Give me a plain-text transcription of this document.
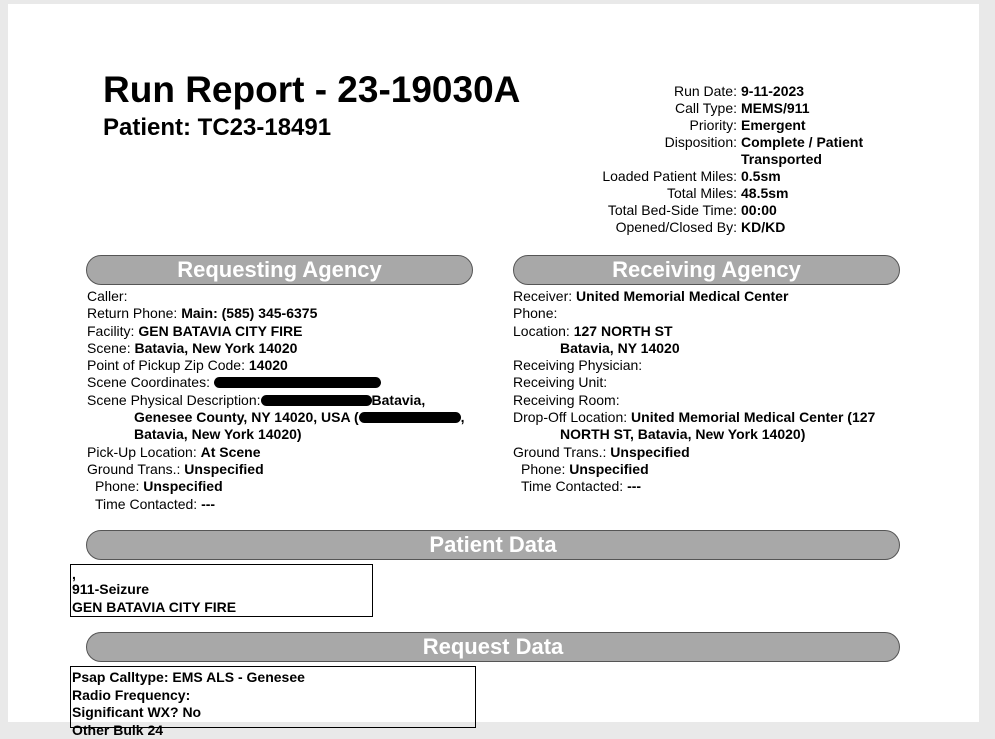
Run Report - 23-19030A
Patient: TC23-18491
Run Date: 9-11-2023
Call Type: MEMS/911
Priority: Emergent
Disposition: Complete / Patient Transported
Loaded Patient Miles: 0.5sm
Total Miles: 48.5sm
Total Bed-Side Time: 00:00
Opened/Closed By: KD/KD
Requesting Agency
Caller:
Return Phone: Main: (585) 345-6375
Facility: GEN BATAVIA CITY FIRE
Scene: Batavia, New York 14020
Point of Pickup Zip Code: 14020
Scene Coordinates:
Scene Physical Description:	Batavia,
Genesee County, NY 14020, USA (	,
Batavia, New York 14020)
Pick-Up Location: At Scene
Ground Trans.: Unspecified
Phone: Unspecified
Time Contacted: ---
Receiving Agency
Receiver: United Memorial Medical Center
Phone:
Location: 127 NORTH ST
Batavia, NY 14020
Receiving Physician:
Receiving Unit:
Receiving Room:
Drop-Off Location: United Memorial Medical Center (127
NORTH ST, Batavia, New York 14020)
Ground Trans.: Unspecified
Phone: Unspecified
Time Contacted: ---
Patient Data
,
911-Seizure
GEN BATAVIA CITY FIRE
Request Data
Psap Calltype: EMS ALS - Genesee
Radio Frequency:
Significant WX? No
Other Bulk 24
